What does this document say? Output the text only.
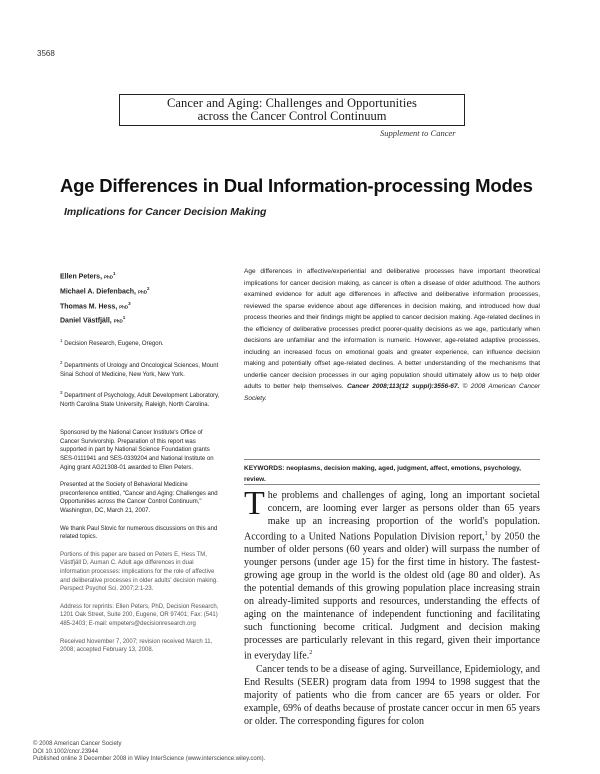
3568
Cancer and Aging: Challenges and Opportunities
across the Cancer Control Continuum
Supplement to Cancer
Age Differences in Dual Information-processing Modes
Implications for Cancer Decision Making
Ellen Peters, PhD$^1$
Michael A. Diefenbach, PhD$^2$
Thomas M. Hess, PhD$^3$
Daniel Västfjäll, PhD$^1$
$^1$ Decision Research, Eugene, Oregon.
$^2$ Departments of Urology and Oncological Sciences, Mount Sinai School of Medicine, New York, New York.
$^3$ Department of Psychology, Adult Development Laboratory, North Carolina State University, Raleigh, North Carolina.
Sponsored by the National Cancer Institute's Office of Cancer Survivorship. Preparation of this report was supported in part by National Science Foundation grants SES-0111941 and SES-0339204 and National Institute on Aging grant AG21308-01 awarded to Ellen Peters.
Presented at the Society of Behavioral Medicine preconference entitled, "Cancer and Aging: Challenges and Opportunities across the Cancer Control Continuum," Washington, DC, March 21, 2007.
We thank Paul Slovic for numerous discussions on this and related topics.
Portions of this paper are based on Peters E, Hess TM, Västfjäll D, Auman C. Adult age differences in dual information processes: implications for the role of affective and deliberative processes in older adults' decision making. Perspect Psychol Sci. 2007;2:1-23.
Address for reprints: Ellen Peters, PhD, Decision Research, 1201 Oak Street, Suite 200, Eugene, OR 97401; Fax: (541) 485-2403; E-mail: empeters@decisionresearch.org
Received November 7, 2007; revision received March 11, 2008; accepted February 13, 2008.
Age differences in affective/experiential and deliberative processes have important theoretical implications for cancer decision making, as cancer is often a disease of older adulthood. The authors examined evidence for adult age differences in affective and deliberative information processes, reviewed the sparse evidence about age differences in decision making, and introduced how dual process theories and their findings might be applied to cancer decision making. Age-related declines in the efficiency of deliberative processes predict poorer-quality decisions as we age, particularly when decisions are unfamiliar and the information is numeric. However, age-related adaptive processes, including an increased focus on emotional goals and greater experience, can influence decision making and potentially offset age-related declines. A better understanding of the mechanisms that underlie cancer decision processes in our aging population should ultimately allow us to help older adults to better help themselves. Cancer 2008;113(12 suppl):3556-67. © 2008 American Cancer Society.
KEYWORDS: neoplasms, decision making, aged, judgment, affect, emotions, psychology, review.

The problems and challenges of aging, long an important societal concern, are looming ever larger as persons older than 65 years make up an increasing proportion of the world's population. According to a United Nations Population Division report,$^1$ by 2050 the number of older persons (60 years and older) will surpass the number of younger persons (under age 15) for the first time in history. The fastest-growing age group in the world is the oldest old (age 80 and older). As the potential demands of this growing population place increasing strain on already-limited supports and resources, understanding the effects of aging on the maintenance of independent functioning and facilitating such functioning become critical. Judgment and decision making processes are particularly relevant in this regard, given their importance in everyday life.$^2$

Cancer tends to be a disease of aging. Surveillance, Epidemiology, and End Results (SEER) program data from 1994 to 1998 suggest that the majority of patients who die from cancer are 65 years or older. For example, 69% of deaths because of prostate cancer occur in men 65 years or older. The corresponding figures for colon

© 2008 American Cancer Society
DOI 10.1002/cncr.23944
Published online 3 December 2008 in Wiley InterScience (www.interscience.wiley.com).
